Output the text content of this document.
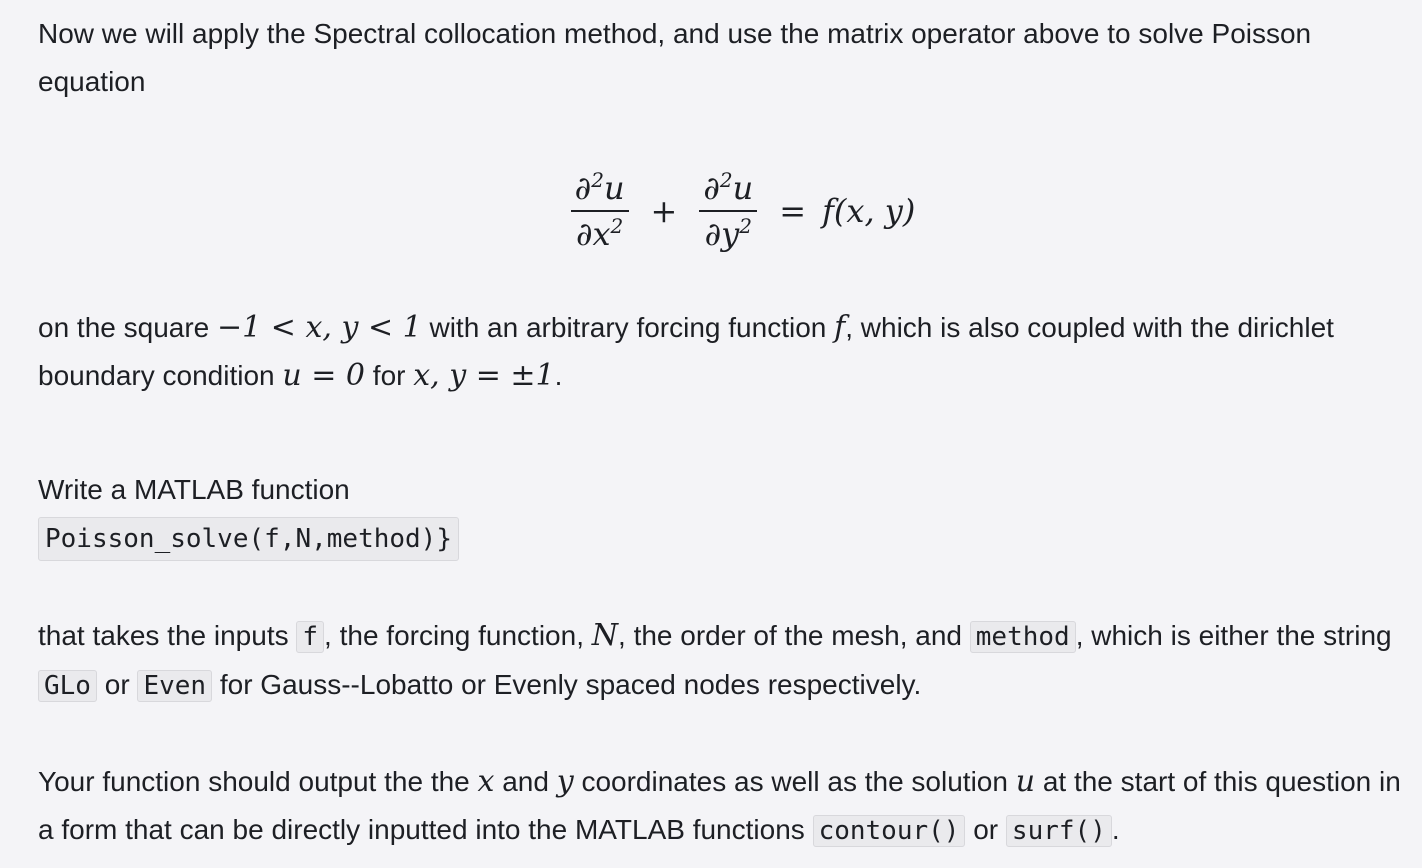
Now we will apply the Spectral collocation method, and use the matrix operator above to solve Poisson equation

$\frac{\partial^2u}{\partial x^2} + \frac{\partial^2u}{\partial y^2} = f(x$, y)

on the square −1 < x, y < 1 with an arbitrary forcing function f, which is also coupled with the dirichlet boundary condition u = 0 for x, y = ±1.

Write a MATLAB function

Poisson_solve(f,N,method)}

that takes the inputs f , the forcing function, N, the order of the mesh, and method , which is either the string GLo or Even for Gauss--Lobatto or Evenly spaced nodes respectively.

Your function should output the the x and y coordinates as well as the solution u at the start of this question in a form that can be directly inputted into the MATLAB functions contour() or surf() .
